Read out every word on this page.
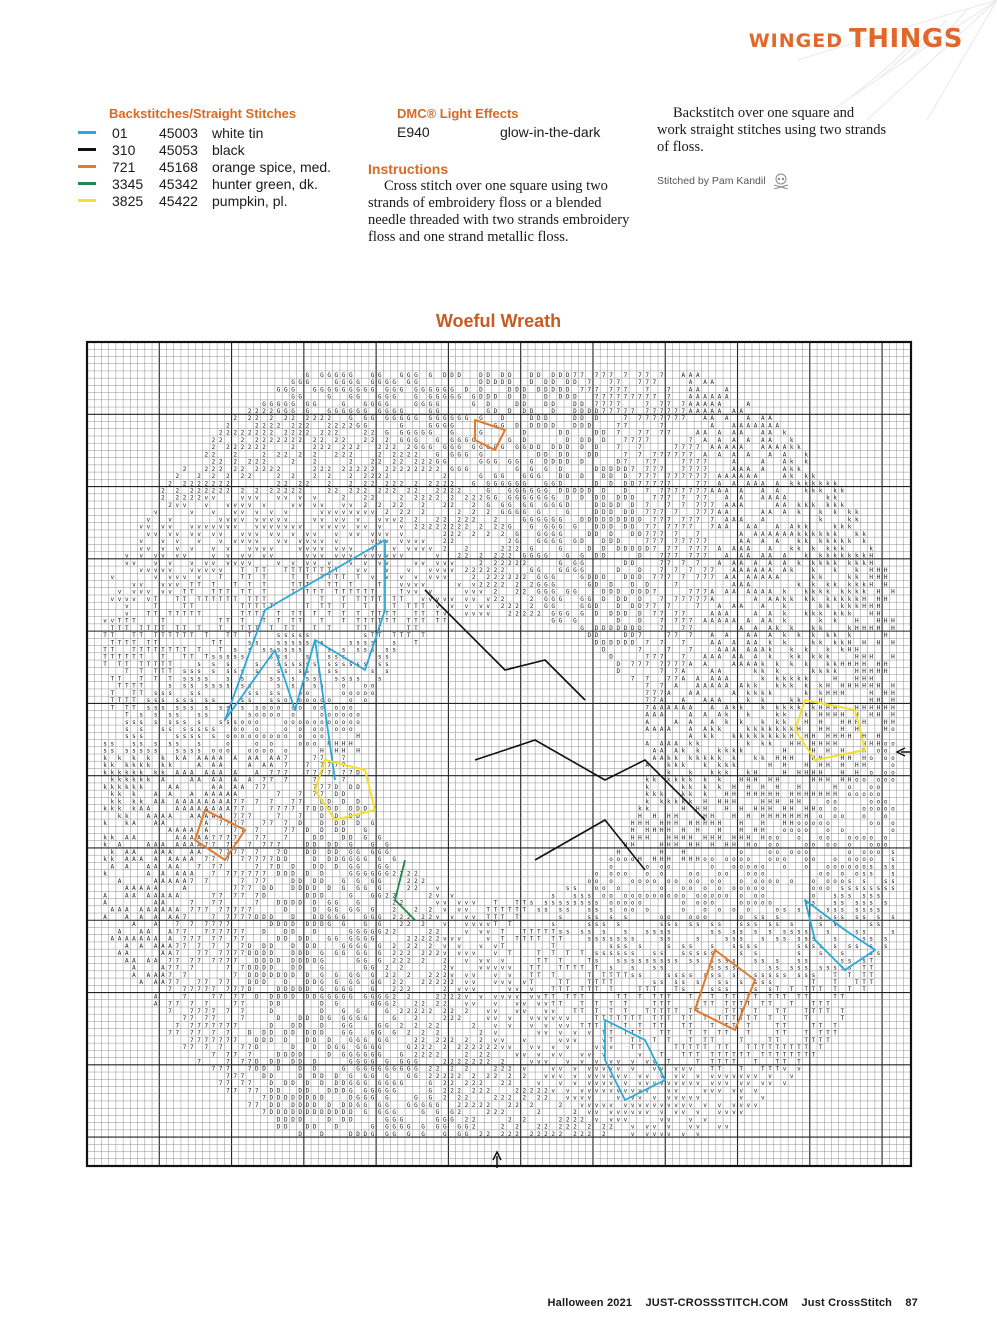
WINGED THINGS
Backstitches/Straight Stitches
01	45003	white tin
310	45053	black
721	45168	orange spice, med.
3345	45342	hunter green, dk.
3825	45422	pumpkin, pl.
DMC® Light Effects
E940	glow-in-the-dark
Instructions
Cross stitch over one square using two strands of embroidery floss or a blended needle threaded with two strands embroidery floss and one strand metallic floss.
Backstitch over one square and work straight stitches using two strands of floss.
Stitched by Pam Kandil
Woeful Wreath
G G G G G G	G G	G G G G D D D	D D D D	D D D D D 7 7 7 7 7 7 7 7 7	A A A
G G G	G G G G G G G G G G	D D D D D	D D D D D 7	7 7	7 7 7	A A A
G G G	G G G G G G G G G G G G G G G G G G D D	D D D D D D D D 7 7 7 7 7 7	7	7	A A	A
G G	G	G G	G G G	G G G G G G G D D D D D	D D D D	7 7 7 7 7 7 7 7 7 7	A A A A A A
G G G G G G G	G	G G G G	G G G G	G D	D D	D D	D D 7 7 7 7	7 7 7 7 A A A A A	A
2 2 2 2 G G G G	G G G G G G G G G G	G G	G D D D D	D	D D D D 7 7 7 7 7 7 7 7 7 7 7 A A A A A A A
2 2 2 2 2 2 2 2 2 2	G G G G G G G G G G G G G G G	D	D D D	D D D	7 7 7 7 7 7 7 7	A A A	A A A
2	2 2 2 2 2 2 2	2 2 2 2 G G	G	G G G G	G G D D D D D	D D D	7 7	7	A	A A A A A A A
2 2 2 2 2 2 2 2 2 2 2 2 2 2 2	2 2 G G G G G G	G	G	D	D D	D D 7	7 7 7 7	A A A A A	A A k
2 2	2 2 2 2 2 2 2 2 2 2 2 2	2 2 2 G G G	G G G G G	G D	D D D D	7 7 7 7	7 A A A A A A	k
2 2 2 2 2 2 2	2	2 2 2 2 2 2	2 2 2 2 G G G G G G G G G G G G G D D D D D D D	7	7	7 7 7 7 A A A A A	A A A A k k
2 2	2	2 2 2 2 2	2 2 2	2 2 2 2 2	G G G G G	D D D D	D D	7 7 7 7 7 7 7 7 A A A A	A A	k
2 2 2 2 2 2	2	2	2	2 2 2 2 2 2 2 G G	G G G G G G D D D D D	D 7	7 7	7 7 7 7	A	A	A k k
2	2 2 2 2 2 2 2 2 2	2 2 2 2 2 2 2 2 2 2 2 2 2 2 2 2 G G G	G G G D	D D D D D 7 7 7 7	7 7 7 7	A A A A	A k k
2	2 2 2 2 2	2 2	2 2	2 2 2 2 2	2	G G G	G G G	D D D	D D D 7 7 7 7 7 7 7 7 7 A A A A A A	A k k k
2 2 2 2 2 2 2 2	2 2 2 2	2	2 2 2 2 2 2 2 2 2 2 2	G G G G G G G	G G D	D D D D 7 7 7 7 7	7 7 A A A A A A k k k k k k k
2 2 2 2 2 2 2 2 2 2 2 2 2 2 2	2 2 2 2 2 2 2 2 2 2	2 2 2 2	G	G G G G G G D D D D D D	D	7 7 7 7 7 7 7 7 A A A A	A A	k k k k k
2 2 2 2 2 v v	v v v	v v v v	2	2 2	2 2 2 2 2 2 2 2 2 G G G G G G G G G D D D D D D D	7 7 7 7 7 7	A A	A A A A	k k
2 v v	v	v v v v v	v v v v	v v 2 2 2 2	2	2 2	2 G G G G G G G G D	D D D D D 7	7 7 7 7 7 A A A	A A k k k k k k
v	v	v	v v v v v	v v v v v v v v 2 2 2 2	2 2 2 G G G G G	G	D D D D D 7 7 7 7	7 7 7 A A	A A A k	k k k k
v	v	v v v v v v v v v	v v v v v	v v v 2 2	2 2 2 2 2	2	G G G G G G	D D D D D D D D D 7 7 7 7 7 7 7 A A A	A	k	k k
v v v v	v v v v v v v	v v v v v v v	v v v v v v v	v 2 2 2 2 2 2 2 2 2 2 2 G	G G G G G	D D D D D 7 7 7 7 7 7	7 A A	A A	A A k k	k k k
v v v v v v v v	v v v v v v v v	v v v v v v v	2 2 2 2 2 2 G	G G G G	D D D	D D 7 7 7 7	7	A A A A A A A k k k k k k	k k
v	v v	v	v v v v v	v v v v v v v	v v v v v v v	2 2	2 G	G G G G G D	D D D	7 7 7 7 7 7 7 7	A A A A	k k k k k k k k
v v v v v	v v	v v v v	v v v v v v v	v	v v v v v 2	2	2 2 2 G	G	D D D D D D D 7 7 7 7 7 7 A A A A	A	k k k k k k	k
v v v v v v	v v v v v v	v v v v v v v v v v v v	v	2 2 2 2 2 2 G G G G	G G D D	D	7 7 7 7 7 7	A A A A A A	k k k k k k k k H
v v	v v	v v v v v v v	v v v v v	v v v v	v v v v v	2 2 2 2 2 2	G G G	D D	7 7 7 7	A A A A A A k k k k k k k k H
v v v v v	v v v v v	T T T	T T T T T T T T	v v	v	v	v v v v 2 2 2 2 2 2	G G	G G G G	D	D	7 7 7 7 7	A A A A A A A k	k	k	k H H H
v	v v v v v	T	T T T	T T T T T T T v v v v v v v	2 2 2 2 2 2 2 G G G	G D D D	D D D 7 7 7 7 7 7 7 A A A A A A A	k k	k k H H H
v v	v v v T T T	T T T	T T T	T T T	T	v v v v	v v 2 2 2 2 2 2 G G G	G D D	D D	7	A A A	k k k k k k k H H
v v v v v v T T	T T T T T T	T T T T T T T T T T	T v v v	v v v 2	2 2 G G G G G	D D D D D D 7	7 7 7 A A A A A A A k	k k k k k k k k H H
v v v v v T	T T T T T T T T T T T	T	T T T T T T T	v v v v v v v v 2 2	2 G G G	G G D D D D	7 7 7 7 7 7 A	A A A k k k k k k k k k H H H
v	T	T T	T T T T T	T T T T	T	T T T T v v v v v 2 2 2 2 G G	G G D	D D D 7 7 7	7	A A A	A	k	k k k k k H H H
v	T T T T T T T	T T T T T T T T T T T T T T T	T T T v	v v v v	2 2 2 2 2 G G G G D D D D D 7 7 7 7	A A A	A A k	k k k k k k	H H
v v T T T	T	T T T	T T T T	T	T T T T T T T T T T T T	G G G	D	D	7 7 7 7 A A A A A A A A k	k k	H	H H H
T T T T T T T T T T	T	T T T T T T	T T	T T T	T T	G D D D D D D D	7	7 7	A A A k k	k k	k H H H H H
T T	T T T T T T T T T	T T T	s s s s s	s T T T T T T	D D	D D 7	7 7 7	A A	A A A k k k k k k	H
T T T T T T	T T	s s	s s s s s s s	s s s s	s	T	D D D D D D 7 7	7	A A A A A k k	k k k k H H H H
T T	T T T T T T T T T	T s s s s s s s s	s s s s s s s	D	7	7	7	A A A A A A k	k k	k k H H
T T T T T T	T	T T T s s s s s	s s s	s	s s s	s s	D	7 7 7	7	A A A A A A k	k k k k k	H H H	H
T T T T T T T T	s s s	s	s s s s s s s s s s s s s s	D 7 7 7 7 7 7 7 A A	A A A A k k k k	k k H H H H H H
T T T T T s s s s s s s s	s s s s	s s	s s	D	7 7 A	A A	k k k	k k k k	H H H H H
T T	T T T s s s s	s s	s s s s s	s s s s	s	7 7	7 7 A A A A A	k k k k k k	H	H H H
T T T T	s s s s s s s s s	s s	s s	o	o o	7 7 A	A A A A A A k k	k k k k k H H H H H H H H
T	T T s s s	s s	s s s s	o o	o o o o o	7 7 7 A	A A	A k k k k	k k H H H	H H H
T T T T s s s s s s s s	s s	s s o o o o o o	o o	7 7 A	A	A A A	k k	k k	H	H H H
T T T s s s s s s s s s s s o o o o o o o o o o	7 A A A A A A	A A k k	k k k k k k H H H	H H H H H H
T s s s s	s s	s o o o o o	o o o o o o	A A A	A A A k	k	k k	k H H H H H H H H
s s s s s s s s	s s s o o o	o o o o o o o o o o o	A	A A	A k k	k k k	H H	H H H H	H H
s s	s s s s s s s	o o o	o o o o o o o	A A A A	A A k k	k k k k k k k H	H H H H	H o
s s s	s s s s s o o o o o o o o o o o o	H	A k k	k k k k k k k k H H H H H H H H H
s s	s s s s s	s	o	o o	o o o H H H H	A A A A k k	k k k	H H H H H H	H H H o o
s s s s s s s	s s s s o o o	o o o o o	H H H H	A A A k k	k k k k	H	H H H	H o o
k k k k k k A A A A A A A A A A 7	7 7	7	A A k k k k k k k k	k k H H H	H H	H H H o o o
k k k k k k k k	A A A	A A A 7	7 7 7 7 7	A	k k k	k k k k	H H	H H H H H H	o
k k k k k k k k A A A A A A A	A 7 7 7	7 7 7 7 7 7 D	k	k	k k k	k H	H H H H H	H H o o o
k k k k k k A	A A A A A A 7 7 7	7	7	k k k k k k k k	H H H H H	H H H H H o o o o o
k k k k k k	A A	A A A A 7 7	7 7 7 D D D	k	k k k k H H H H	H	H o	o o
k k k	A A	A A A A A A	7	7 7 7 D D	k k k	k k k	H H H H H H H H H H H H H H o o o o o
k k k k A A A A A A A A A A 7 7 7 7	7 7	D D D D	k k k k k k H H H H	H H H H H	o o	o o o
k k k k A A	A A A A A A A A 7 7	7 7 7 7 7 D D D D D D D	k k	H H H	H H H H H H H H H o o	o o o o o
k k	A A A A	A A A A A 7 7 7	7	7	D D D D	H H H H	H H	H H H H H H H H H o o o	o	o
k	k A	A A	A 7 7 7 7	7 7 7 D	D D D D G	H H H H H H H H H H H	H	H	H H o o o o o	o o o
A A A A A	7 7 7	7 7 D D D D	G	H H H H H H H	H	H H H	o o o o	o o	o
k k A A	A A A A A 7 7 7 7	7 7	7	D D	D D G G	H H H	H H H H H H H H H H H o o	o	o o	o o o o o
k A	A A A A A A A 7 7 7 7 7 7 7 7	D D D D G	G G	H H	H H H H H H H H H o o o	o o o o o	o o o
k A A	A A A	A A	7 7 7 7 7	7 D	D D D D G G G G G	H	H	H	o	o o o o o	o o o o s
k k A A A A A A A A 7 7 7 7 7 7 7 7 D D	D D D G G G G G G	o o o o H H H H H H H o o o o o o	o o o	o o	o o o o o	s
A A	A A A A	7 7 7	7 7 D D	D D D G G	G G	o	o o o	o	o o o o o	o	o	o o o o o o s s s
k	A A A A A	7 7 7 7 7 7 7 D D D D D	G G G G G G 2 2 2 2	o o o o	o o	o o	o o	o o o	o o o o s s	s
A	A A A A A 7 7	7 7 7	D D D D	G G G G	2 2 2	o o o	o o o o o o o o o o	o o o o o o	o o o o s s	s s
A A A A A	A	7 7 7 D D	D D D D D G G G G	2 2	v	s s	o o o	o	o o o o o o o o o	o o o s s s s s s s s
A	A A A A A A A	7 7 7 7 7 D	D D D	G	G G 2 2	2 v v	s	s s s o o o o o o o o o o o o o o o o o o o	o	s s s s s s
A	A A	7	7 7	7	D D D D D G G	G	2 2	v v v v v	T	T T s s s s s s s s s o o o o o	o o o o	o o o o o	s s	s s s s s s
A A A A A A A A A 7 7 7 7 7 7 7 7	D	D G G G G G	2	2 2 v v v	T T T T T T s s s s	s s s o o o	o	o o o o	o s s	s s s s s s s
A	A A A A A 7	7 7 7 7 7 D D D	D	D D G G G	G G G 2 2 2 2 2 v v v v T T T T	s	s s s s	o o	o o o	o s s s	s s s s s s s
A	A	7 7 7 7 7 7	D D D D D D D G G	G G	2 2 2	v	v v v v T T	s	s s s s	s s s s s s s	s s s s s s	s s	s s
A	A A	A 7 7	7 7 7 7 7 7	D	D D	D	G G G G G 2 2	2 2	v v v T	T T T T T s s s s s	s	s s s s	s s s s s s s s s s	s	s s	s
A A A A A A A A 7 7 7 7 7 7 7	D D D D	G G G G G G	2 2 2 2 2 v v v	v T T T T T T T	s s s s s s s	s s	s	s s s	s s s s s s	s	s s s
A A A A A 7 7 7 7 7 7 D D D	D D D	G G G G G 2 2 2 2 v v	v v T	T	s s s s	s s s	s	s s s s	s s s s s s s s s
A A	A A 7	7 7 7 7 7 7 D D D D	D D D G G G G G G 2 2 2 2 2 2 v v v v	v T	T T T T s s s s s s	s s	s s s s s	s s	s	s	s	s s
A A A A 7 7 7 7 7 7 7 7	D D D D D D D D G	G G G 2 2 2 2	2	v v v v	T T T	T s	s s s s s s s s s s s s s s s	s s s	s s	s s s T
A	A 7 7 7	7 7 D D D D	D D	G	G G 2 2	2 v	v v v v v	T T	T T T T T s	s	s s	s s s s	s s s s s s s s s s T T
A A A A 7 7	7 D D D D D D D D G G G G G 2 2 2	2 2 2 v v v	v v	T T T	T T T T T s s	s s s s s s s s	s s s s s s s s	T T T T
A A A 7 7	7 7 7 7	D D D	D	D D G G G G G G 2 2	2 2 2 2 2 v v	v v v v T	T T	T T T T	s s s s s	s s s s s s	T	T	T T T
7 7 7 7 7 7 7 7 7 D	D D D D D G G G G	G	2 2 2	2 v v v	v v v	T T T T T T T	T T T	T s	s s s	s s T T T T T T T T
A	7	7 7 7 7 D D D D D D D G G G G G G G G G 2 2	2 2 2 2 v v v v v v v v T T T T T	T T T T T T	T	T T T T T T T T T T	T T
A 7 7 7 7	7 7	D D	D G	G G G 2	2 2 2 2	v v	v	v v v v T T	T T T T	T T T	T T T T T T T T T	T	T T T
7	7 7 7 7 7 7	D	D	G G	G 2 2 2 2 2 2 2 2	v v	v v	v v	T T T T T	T T T T T T T	T T T T	T T	T T T T T
7 7 7 7	7	D	D D D G G G G G	G	2	2 2 2	v v v	v v v v v v	T T T T T T T T T T T T T T T T T T T T T	T	T
7 7 7 7 7 7 7 7	D	D D	D	G G	G G 2 2 2 2	2	v v	v v v v T T T T T T T T	T T	T T T T	T T	T T T
7 7 7 7 7 7	D D D D D D D D	G G	G G G 2 2 2	2 v	v v v v v T T T T T	T T	T T T T	T	T T	T T T T
7 7 7 7 7 7 7	D D D D	D D D	G G G G G	2 2 2 2 2 2 2 v v	v	v v v	v T	T T T T	T T T	T	T T	T T T T
7 7 7 7	7 7 D	D	D D G G G G G G	G 2 2 2 2 2 2 2 2 2 2 v v	v v v v	v v v	T T	T T T T T T T	T T T T T T T T T T
7 7 7 7	D D D D	D G G G G G G	G 2 2 2 2	2 2 2	v v v v v	v v v	v	T	T T T T T T T T T T T T T T T T T
7	7 7 7 D D D D D D	G G G G G G G G	2 2 2 2 2 2 2 2	v v v	v v v v v v v v T	T T T T T	T	T T T
7 7 7	7 D D D	D D	G G G G G G G G G G 2 2 2 2	2 2 2 v	v v v v v v v v v	v v v v v	T T	T	T T T v v
7 7 7	D D	D D D D G G G G	G G 2 2 2 2 2 2 2 2 2 2	v v v v v v v v v v v v v v v v v v v v v v v v	v
7 7 7 7	D D D D D D D G G G G G G G	G 2 2 2 2 2	2 2	v	v v v v v v v v v v v v v v v v v v v v v v v v
7 7 7 7 D D	D D	D D D G G G G G G	G 2 2 2 2 2 2	2 2 2 2 2 v v v v v v v v v v v v	v v	v v v v v v
7 D D D D D D D D	D G G G G	G G 2 2 2	2 2 2 2 2 2	v v v v	v v v v v v v v v	v	v
7 7 D D D D D D D D D G G G G	G G G G G	2 2 2 2 2	2 2 2	2	v v v v v v v v v v v v v v v v v v v v v
7 D D D D D D D D D D D D G G G G	G G G 2	2 2 2	2	2 v v v v v v v v v v v v	v v v v
D D D D	D D D	G G G	G G G 2 2	2 2	2 2 2 2 v v v v	v v	v v
D D	D D	D	G G G G G G G G G G 2	2 2	2 2 2 2 2 2 2 2	v v v v	v v	v v
D	D	D D D G G G G G	G G G 2 2 2 2 2 2 2 2 2 2 2 2 2 2	v v v v v v v
Halloween 2021 JUST-CROSSSTITCH.COM Just CrossStitch 87
